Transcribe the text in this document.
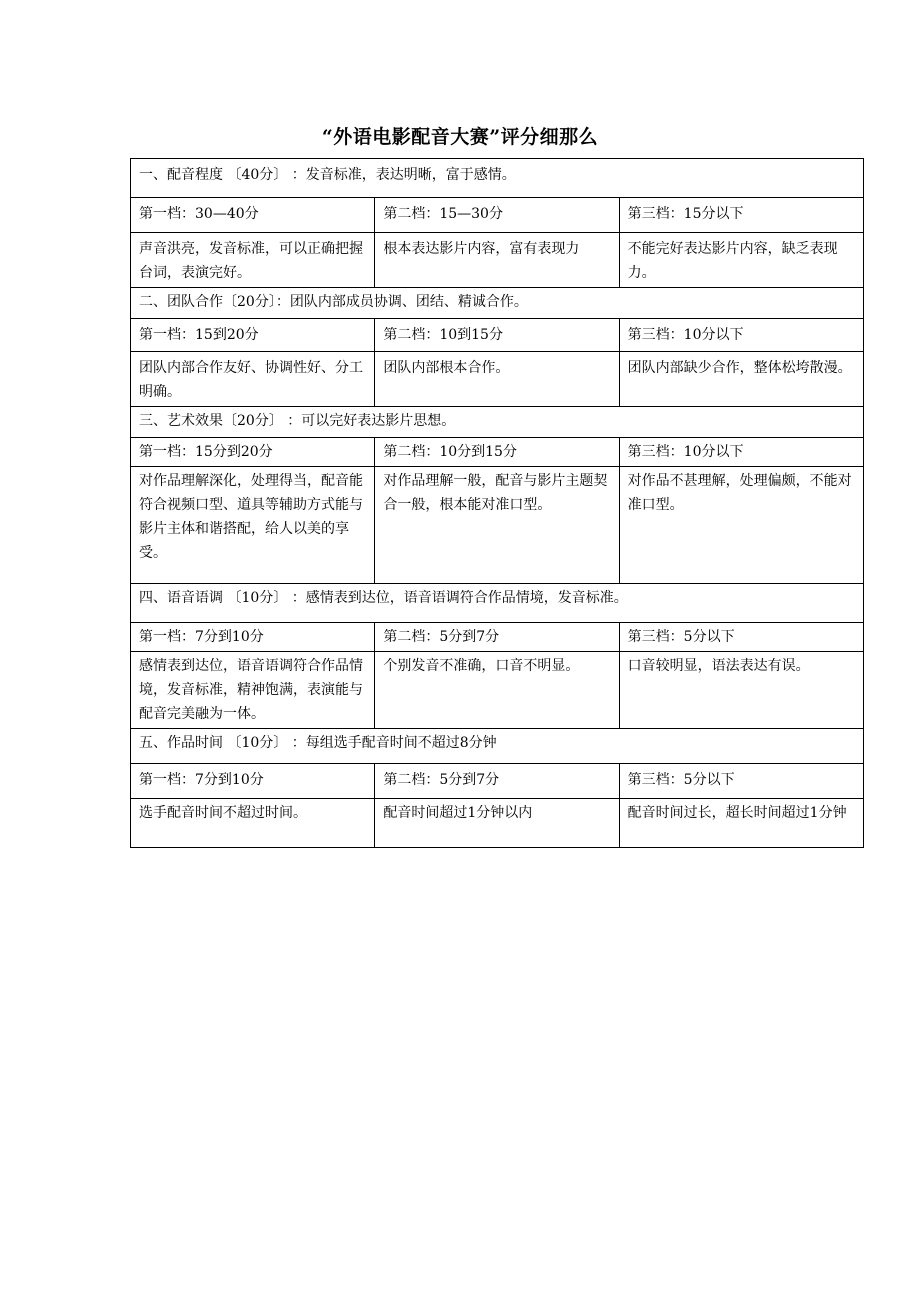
“外语电影配音大赛”评分细那么
一、配音程度 〔40分〕 ：发音标准，表达明晰，富于感情。		
第一档：30—40分	第二档：15—30分	第三档：15分以下
声音洪亮，发音标准，可以正确把握台词，表演完好。	根本表达影片内容，富有表现力	不能完好表达影片内容，缺乏表现力。
二、团队合作〔20分〕：团队内部成员协调、团结、精诚合作。		
第一档：15到20分	第二档：10到15分	第三档：10分以下
团队内部合作友好、协调性好、分工明确。	团队内部根本合作。	团队内部缺少合作，整体松垮散漫。
三、艺术效果〔20分〕 ：可以完好表达影片思想。		
第一档：15分到20分	第二档：10分到15分	第三档：10分以下
对作品理解深化，处理得当，配音能符合视频口型、道具等辅助方式能与影片主体和谐搭配，给人以美的享受。	对作品理解一般，配音与影片主题契合一般，根本能对准口型。	对作品不甚理解，处理偏颇，不能对准口型。
四、语音语调 〔10分〕 ：感情表到达位，语音语调符合作品情境，发音标准。		
第一档：7分到10分	第二档：5分到7分	第三档：5分以下
感情表到达位，语音语调符合作品情境，发音标准，精神饱满，表演能与配音完美融为一体。	个别发音不准确，口音不明显。	口音较明显，语法表达有误。
五、作品时间 〔10分〕 ：每组选手配音时间不超过8分钟		
第一档：7分到10分	第二档：5分到7分	第三档：5分以下
选手配音时间不超过时间。	配音时间超过1分钟以内	配音时间过长，超长时间超过1分钟
